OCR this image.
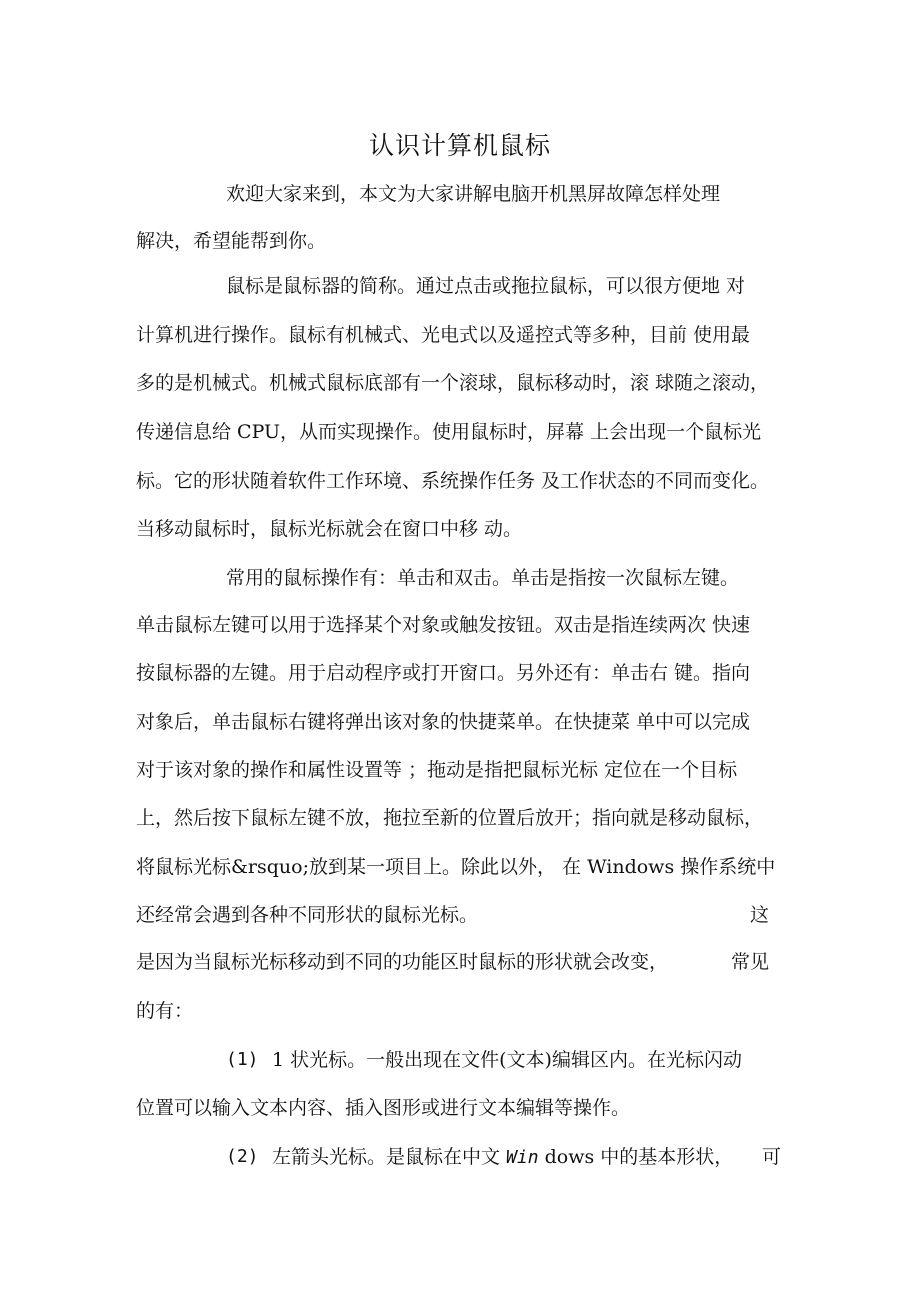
认识计算机鼠标
欢迎大家来到，本文为大家讲解电脑开机黑屏故障怎样处理
解决，希望能帮到你。
鼠标是鼠标器的简称。通过点击或拖拉鼠标，可以很方便地 对
计算机进行操作。鼠标有机械式、光电式以及遥控式等多种，目前 使用最
多的是机械式。机械式鼠标底部有一个滚球，鼠标移动时，滚 球随之滚动，
传递信息给 CPU，从而实现操作。使用鼠标时，屏幕 上会出现一个鼠标光
标。它的形状随着软件工作环境、系统操作任务 及工作状态的不同而变化。
当移动鼠标时，鼠标光标就会在窗口中移 动。
常用的鼠标操作有：单击和双击。单击是指按一次鼠标左键。
单击鼠标左键可以用于选择某个对象或触发按钮。双击是指连续两次 快速
按鼠标器的左键。用于启动程序或打开窗口。另外还有：单击右 键。指向
对象后，单击鼠标右键将弹出该对象的快捷菜单。在快捷菜 单中可以完成
对于该对象的操作和属性设置等 ；拖动是指把鼠标光标 定位在一个目标
上，然后按下鼠标左键不放，拖拉至新的位置后放开；指向就是移动鼠标，
将鼠标光标&rsquo;放到某一项目上。除此以外， 在 Windows 操作系统中
还经常会遇到各种不同形状的鼠标光标。	这
是因为当鼠标光标移动到不同的功能区时鼠标的形状就会改变，	常见
的有：
(1) 1 状光标。一般出现在文件(文本)编辑区内。在光标闪动
位置可以输入文本内容、插入图形或进行文本编辑等操作。
(2) 左箭头光标。是鼠标在中文 Win dows 中的基本形状， 可
